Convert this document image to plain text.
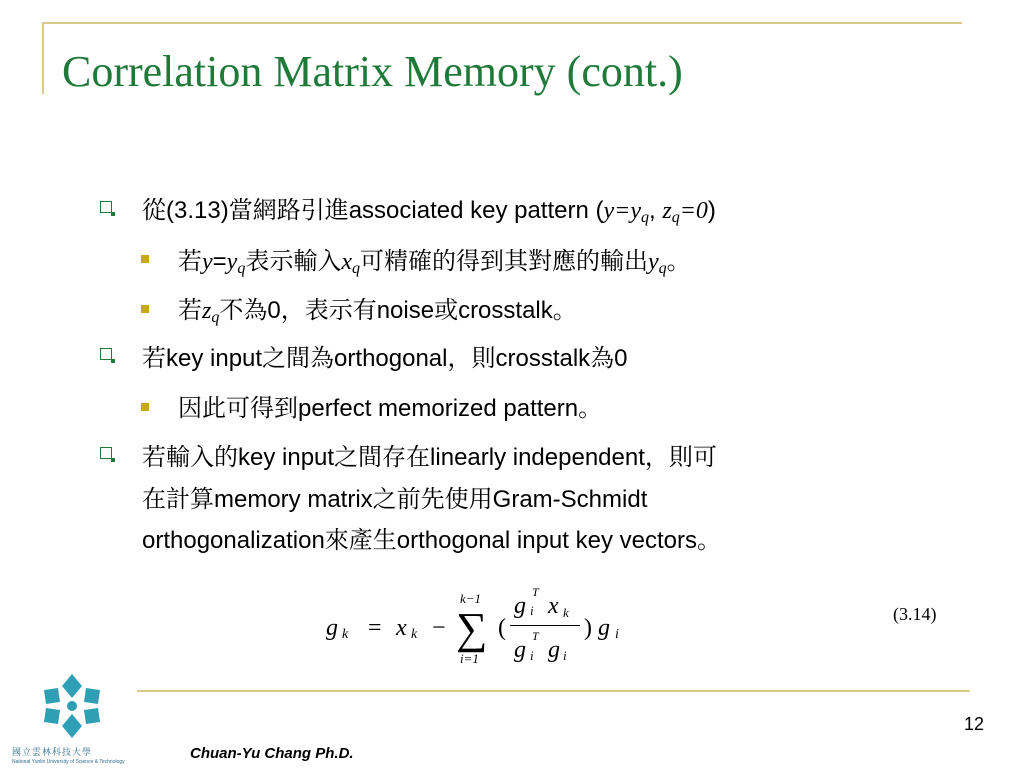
Correlation Matrix Memory (cont.)
從(3.13)當網路引進associated key pattern ($y=y_q$, $z_q=0$)
若$y=y_q$表示輸入$x_q$可精確的得到其對應的輸出$y_q$。
若$z_q$不為0，表示有noise或crosstalk。
若key input之間為orthogonal，則crosstalk為0
因此可得到perfect memorized pattern。
若輸入的key input之間存在linearly independent，則可
在計算memory matrix之前先使用Gram-Schmidt
orthogonalization來產生orthogonal input key vectors。
g k = x k −
k−1
∑
i=1
(
g
T
i x k
g
T
i g i
) g i
(3.14)
12
Chuan-Yu Chang Ph.D.
國立雲林科技大學
National Yunlin University of Science & Technology
